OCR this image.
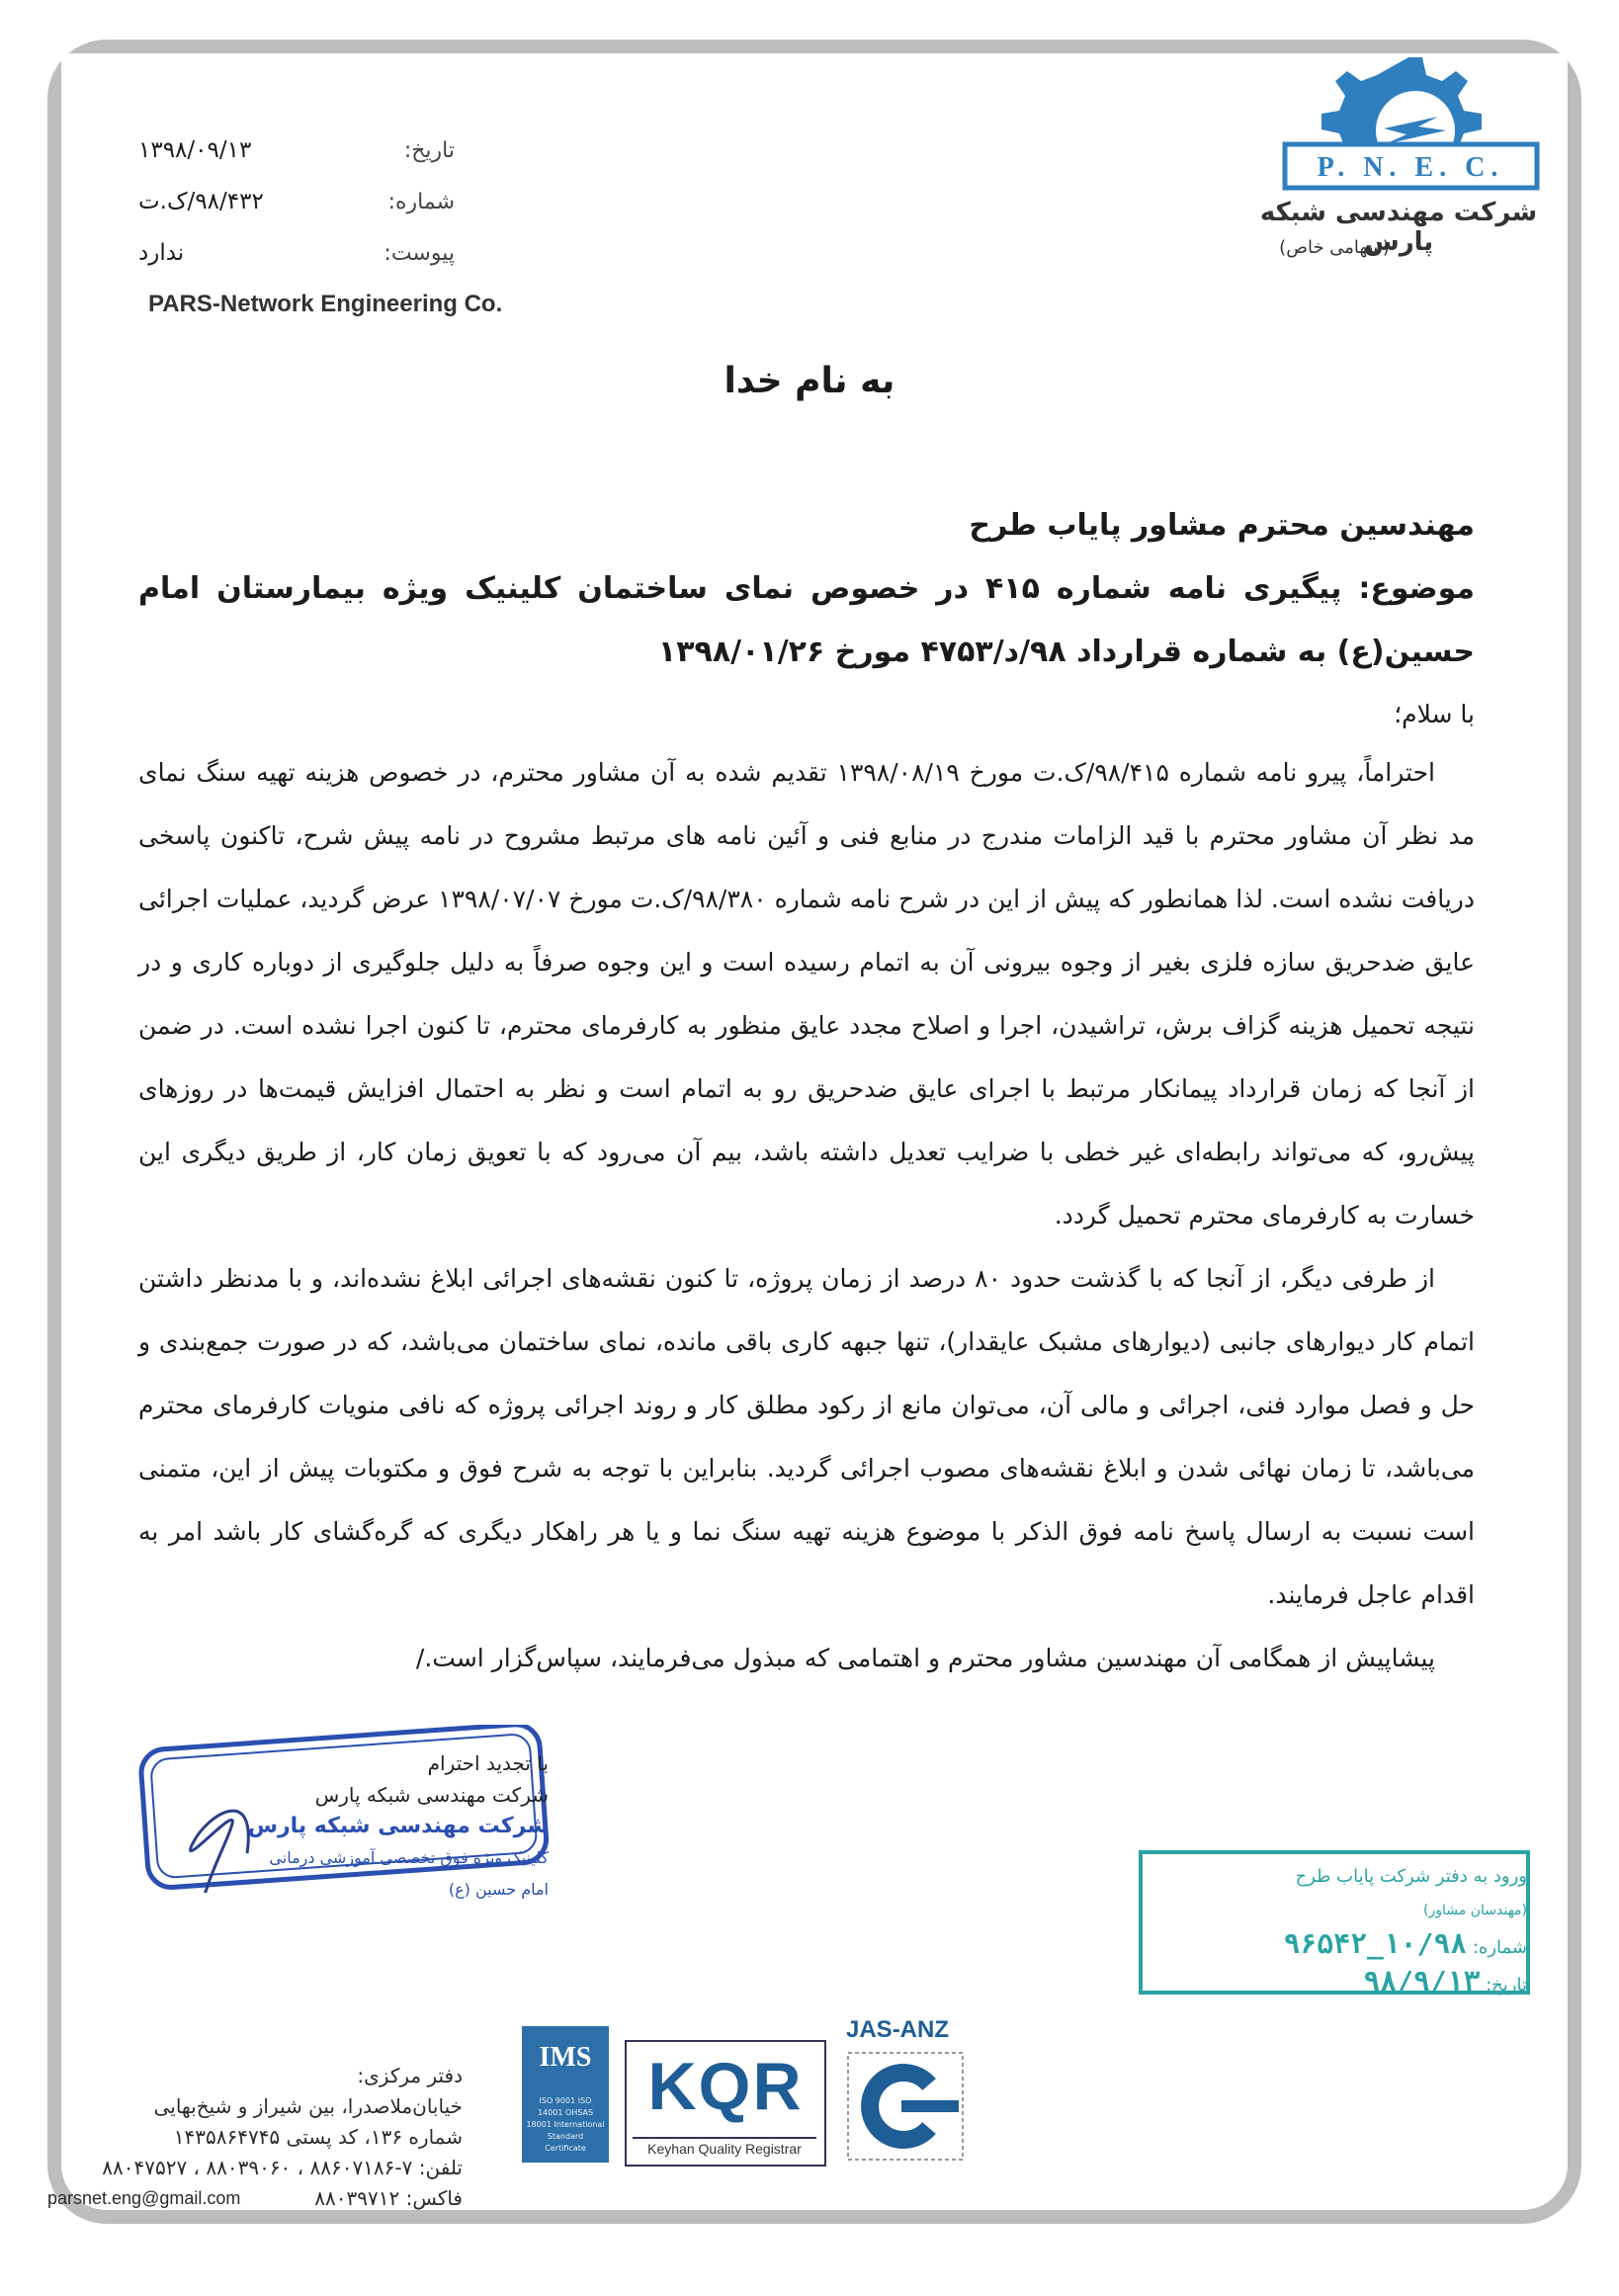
PARS-Network Engineering Co.
تاریخ:
۱۳۹۸/۰۹/۱۳
شماره:
۹۸/۴۳۲/ک.ت
پیوست:
ندارد
P. N. E. C.
شرکت مهندسی شبکه پارس
(سهامی خاص)
به نام خدا
مهندسین محترم مشاور پایاب طرح
موضوع: پیگیری نامه شماره ۴۱۵ در خصوص نمای ساختمان کلینیک ویژه بیمارستان امام حسین(ع) به شماره قرارداد ۹۸/د/۴۷۵۳ مورخ ۱۳۹۸/۰۱/۲۶
با سلام؛

احتراماً، پیرو نامه شماره ۹۸/۴۱۵/ک.ت مورخ ۱۳۹۸/۰۸/۱۹ تقدیم شده به آن مشاور محترم، در خصوص هزینه تهیه سنگ نمای مد نظر آن مشاور محترم با قید الزامات مندرج در منابع فنی و آئین نامه های مرتبط مشروح در نامه پیش شرح، تاکنون پاسخی دریافت نشده است. لذا همانطور که پیش از این در شرح نامه شماره ۹۸/۳۸۰/ک.ت مورخ ۱۳۹۸/۰۷/۰۷ عرض گردید، عملیات اجرائی عایق ضدحریق سازه فلزی بغیر از وجوه بیرونی آن به اتمام رسیده است و این وجوه صرفاً به دلیل جلوگیری از دوباره کاری و در نتیجه تحمیل هزینه گزاف برش، تراشیدن، اجرا و اصلاح مجدد عایق منظور به کارفرمای محترم، تا کنون اجرا نشده است. در ضمن از آنجا که زمان قرارداد پیمانکار مرتبط با اجرای عایق ضدحریق رو به اتمام است و نظر به احتمال افزایش قیمت‌ها در روزهای پیش‌رو، که می‌تواند رابطه‌ای غیر خطی با ضرایب تعدیل داشته باشد، بیم آن می‌رود که با تعویق زمان کار، از طریق دیگری این خسارت به کارفرمای محترم تحمیل گردد.

از طرفی دیگر، از آنجا که با گذشت حدود ۸۰ درصد از زمان پروژه، تا کنون نقشه‌های اجرائی ابلاغ نشده‌اند، و با مدنظر داشتن اتمام کار دیوارهای جانبی (دیوارهای مشبک عایقدار)، تنها جبهه کاری باقی مانده، نمای ساختمان می‌باشد، که در صورت جمع‌بندی و حل و فصل موارد فنی، اجرائی و مالی آن، می‌توان مانع از رکود مطلق کار و روند اجرائی پروژه که نافی منویات کارفرمای محترم می‌باشد، تا زمان نهائی شدن و ابلاغ نقشه‌های مصوب اجرائی گردید. بنابراین با توجه به شرح فوق و مکتوبات پیش از این، متمنی است نسبت به ارسال پاسخ نامه فوق الذکر با موضوع هزینه تهیه سنگ نما و یا هر راهکار دیگری که گره‌گشای کار باشد امر به اقدام عاجل فرمایند.

پیشاپیش از همگامی آن مهندسین مشاور محترم و اهتمامی که مبذول می‌فرمایند، سپاس‌گزار است./

با تجدید احترام
شرکت مهندسی شبکه پارس
شرکت مهندسی شبکه پارس
کلینیک ویژه فوق تخصصی آموزشی درمانی
امام حسین (ع)
ورود به دفتر شرکت پایاب طرح
(مهندسان مشاور)
شماره: ۱۰/۹۸_۹۶۵۴۲
تاریخ: ۹۸/۹/۱۳
دفتر مرکزی:
خیابان‌ملاصدرا، بین شیراز و شیخ‌بهایی
شماره ۱۳۶، کد پستی ۱۴۳۵۸۶۴۷۴۵
تلفن: ۷-۸۸۶۰۷۱۸۶ ، ۸۸۰۳۹۰۶۰ ، ۸۸۰۴۷۵۲۷
فاکس: ۸۸۰۳۹۷۱۲
parsnet.eng@gmail.com
IMS
ISO 9001 ISO 14001 OHSAS 18001 International Standard Certificate
KQR
Keyhan Quality Registrar
JAS-ANZ
